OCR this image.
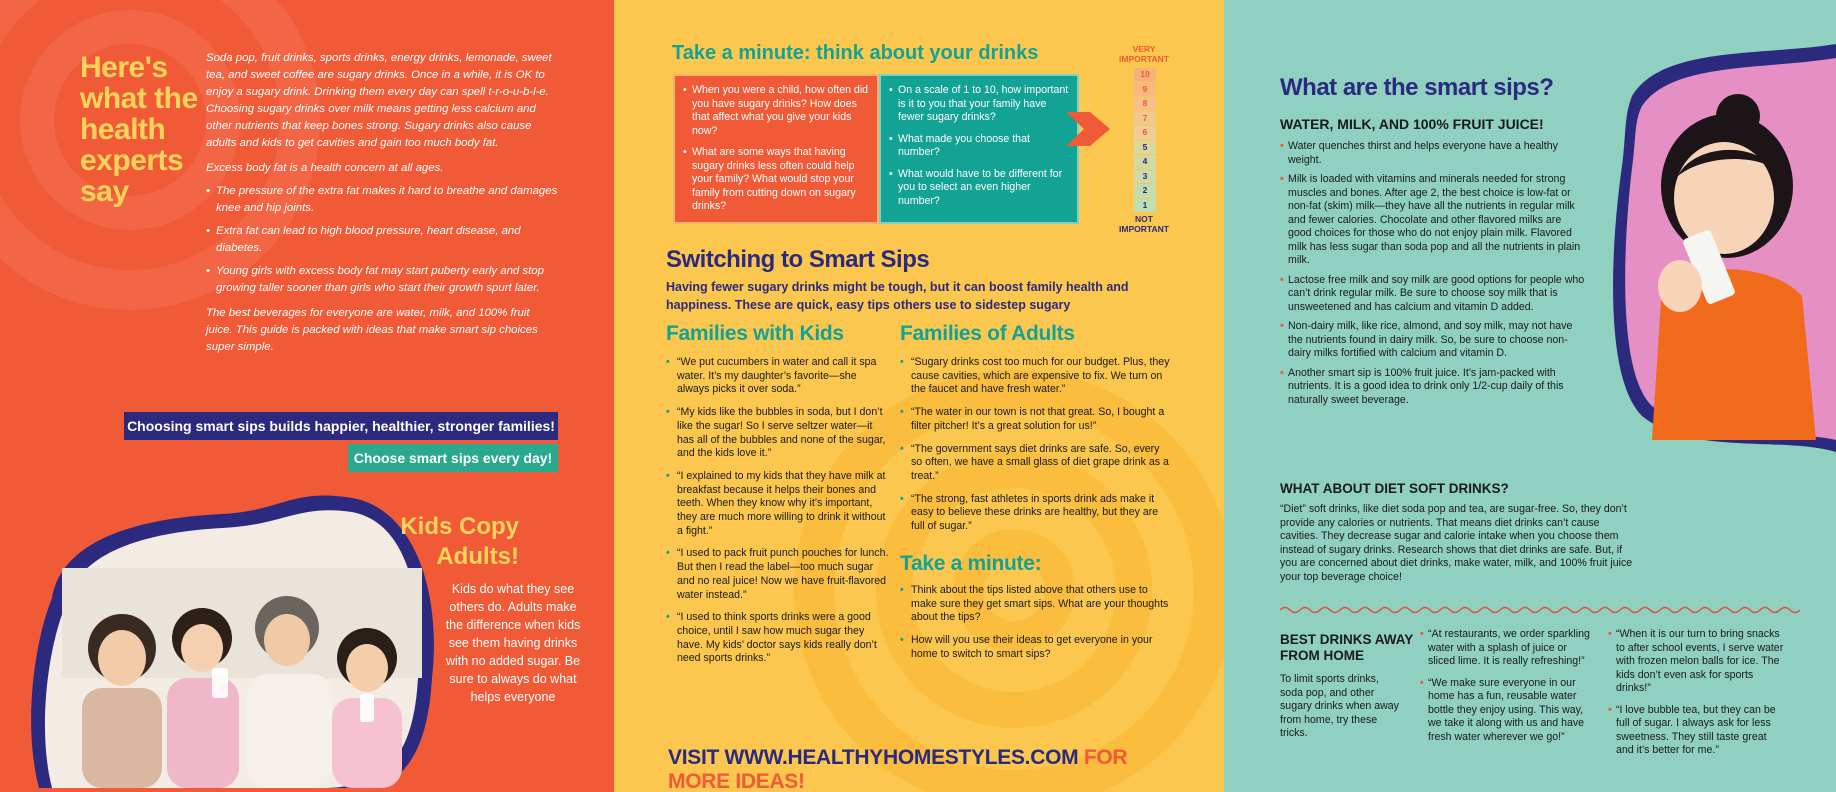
Here's what the health experts say

Soda pop, fruit drinks, sports drinks, energy drinks, lemonade, sweet tea, and sweet coffee are sugary drinks. Once in a while, it is OK to enjoy a sugary drink. Drinking them every day can spell t-r-o-u-b-l-e. Choosing sugary drinks over milk means getting less calcium and other nutrients that keep bones strong. Sugary drinks also cause adults and kids to get cavities and gain too much body fat.

Excess body fat is a health concern at all ages.

• The pressure of the extra fat makes it hard to breathe and damages knee and hip joints.
• Extra fat can lead to high blood pressure, heart disease, and diabetes.
• Young girls with excess body fat may start puberty early and stop growing taller sooner than girls who start their growth spurt later.

The best beverages for everyone are water, milk, and 100% fruit juice. This guide is packed with ideas that make smart sip choices super simple.

Choosing smart sips builds happier, healthier, stronger families!
Choose smart sips every day!
Kids Copy
Adults!
Kids do what they see others do. Adults make the difference when kids see them having drinks with no added sugar. Be sure to always do what helps everyone
Take a minute: think about your drinks
• When you were a child, how often did you have sugary drinks? How does that affect what you give your kids now?
• What are some ways that having sugary drinks less often could help your family? What would stop your family from cutting down on sugary drinks?
• On a scale of 1 to 10, how important is it to you that your family have fewer sugary drinks?
• What made you choose that number?
• What would have to be different for you to select an even higher number?
VERY
IMPORTANT
10
9
8
7
6
5
4
3
2
1
NOT
IMPORTANT
Switching to Smart Sips
Having fewer sugary drinks might be tough, but it can boost family health and happiness. These are quick, easy tips others use to sidestep sugary
Families with Kids
• “We put cucumbers in water and call it spa water. It’s my daughter’s favorite—she always picks it over soda.”
• “My kids like the bubbles in soda, but I don’t like the sugar! So I serve seltzer water—it has all of the bubbles and none of the sugar, and the kids love it.”
• “I explained to my kids that they have milk at breakfast because it helps their bones and teeth. When they know why it’s important, they are much more willing to drink it without a fight.”
• “I used to pack fruit punch pouches for lunch. But then I read the label—too much sugar and no real juice! Now we have fruit-flavored water instead.”
• “I used to think sports drinks were a good choice, until I saw how much sugar they have. My kids’ doctor says kids really don’t need sports drinks.”
Families of Adults
• “Sugary drinks cost too much for our budget. Plus, they cause cavities, which are expensive to fix. We turn on the faucet and have fresh water.”
• “The water in our town is not that great. So, I bought a filter pitcher! It’s a great solution for us!”
• “The government says diet drinks are safe. So, every so often, we have a small glass of diet grape drink as a treat.”
• “The strong, fast athletes in sports drink ads make it easy to believe these drinks are healthy, but they are full of sugar.”
Take a minute:
• Think about the tips listed above that others use to make sure they get smart sips. What are your thoughts about the tips?
• How will you use their ideas to get everyone in your home to switch to smart sips?
VISIT WWW.HEALTHYHOMESTYLES.COM FOR MORE IDEAS!
What are the smart sips?
WATER, MILK, AND 100% FRUIT JUICE!
• Water quenches thirst and helps everyone have a healthy weight.
• Milk is loaded with vitamins and minerals needed for strong muscles and bones. After age 2, the best choice is low-fat or non-fat (skim) milk—they have all the nutrients in regular milk and fewer calories. Chocolate and other flavored milks are good choices for those who do not enjoy plain milk. Flavored milk has less sugar than soda pop and all the nutrients in plain milk.
• Lactose free milk and soy milk are good options for people who can’t drink regular milk. Be sure to choose soy milk that is unsweetened and has calcium and vitamin D added.
• Non-dairy milk, like rice, almond, and soy milk, may not have the nutrients found in dairy milk. So, be sure to choose non-dairy milks fortified with calcium and vitamin D.
• Another smart sip is 100% fruit juice. It’s jam-packed with nutrients. It is a good idea to drink only 1/2-cup daily of this naturally sweet beverage.
WHAT ABOUT DIET SOFT DRINKS?
“Diet” soft drinks, like diet soda pop and tea, are sugar-free. So, they don’t provide any calories or nutrients. That means diet drinks can’t cause cavities. They decrease sugar and calorie intake when you choose them instead of sugary drinks. Research shows that diet drinks are safe. But, if you are concerned about diet drinks, make water, milk, and 100% fruit juice your top beverage choice!
BEST DRINKS AWAY FROM HOME
To limit sports drinks, soda pop, and other sugary drinks when away from home, try these tricks.
• “At restaurants, we order sparkling water with a splash of juice or sliced lime. It is really refreshing!”
• “We make sure everyone in our home has a fun, reusable water bottle they enjoy using. This way, we take it along with us and have fresh water wherever we go!”
• “When it is our turn to bring snacks to after school events, I serve water with frozen melon balls for ice. The kids don’t even ask for sports drinks!”
• “I love bubble tea, but they can be full of sugar. I always ask for less sweetness. They still taste great and it’s better for me.”
